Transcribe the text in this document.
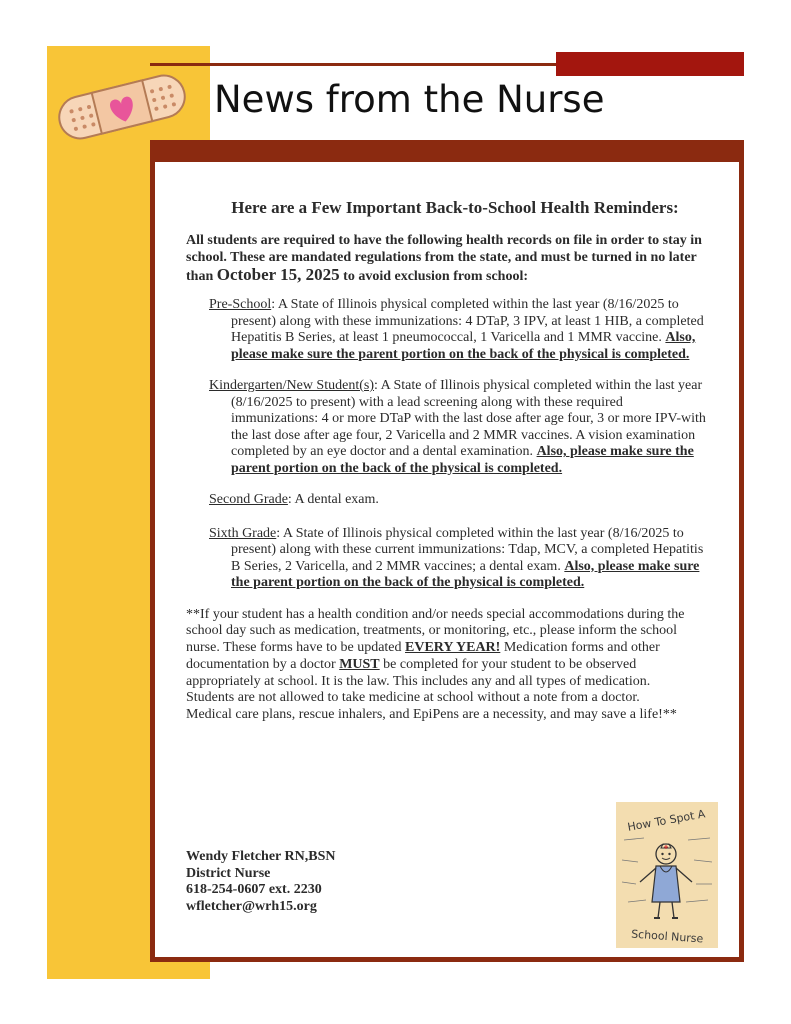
News from the Nurse
Here are a Few Important Back-to-School Health Reminders:
All students are required to have the following health records on file in order to stay in school. These are mandated regulations from the state, and must be turned in no later than October 15, 2025 to avoid exclusion from school:
Pre-School: A State of Illinois physical completed within the last year (8/16/2025 to present) along with these immunizations: 4 DTaP, 3 IPV, at least 1 HIB, a completed Hepatitis B Series, at least 1 pneumococcal, 1 Varicella and 1 MMR vaccine. Also, please make sure the parent portion on the back of the physical is completed.
Kindergarten/New Student(s): A State of Illinois physical completed within the last year (8/16/2025 to present) with a lead screening along with these required immunizations: 4 or more DTaP with the last dose after age four, 3 or more IPV-with the last dose after age four, 2 Varicella and 2 MMR vaccines. A vision examination completed by an eye doctor and a dental examination. Also, please make sure the parent portion on the back of the physical is completed.
Second Grade: A dental exam.
Sixth Grade: A State of Illinois physical completed within the last year (8/16/2025 to present) along with these current immunizations: Tdap, MCV, a completed Hepatitis B Series, 2 Varicella, and 2 MMR vaccines; a dental exam. Also, please make sure the parent portion on the back of the physical is completed.
**If your student has a health condition and/or needs special accommodations during the school day such as medication, treatments, or monitoring, etc., please inform the school nurse. These forms have to be updated EVERY YEAR! Medication forms and other documentation by a doctor MUST be completed for your student to be observed appropriately at school. It is the law. This includes any and all types of medication. Students are not allowed to take medicine at school without a note from a doctor. Medical care plans, rescue inhalers, and EpiPens are a necessity, and may save a life!**
Wendy Fletcher RN,BSN
District Nurse
618-254-0607 ext. 2230
wfletcher@wrh15.org
How To Spot A
School Nurse
